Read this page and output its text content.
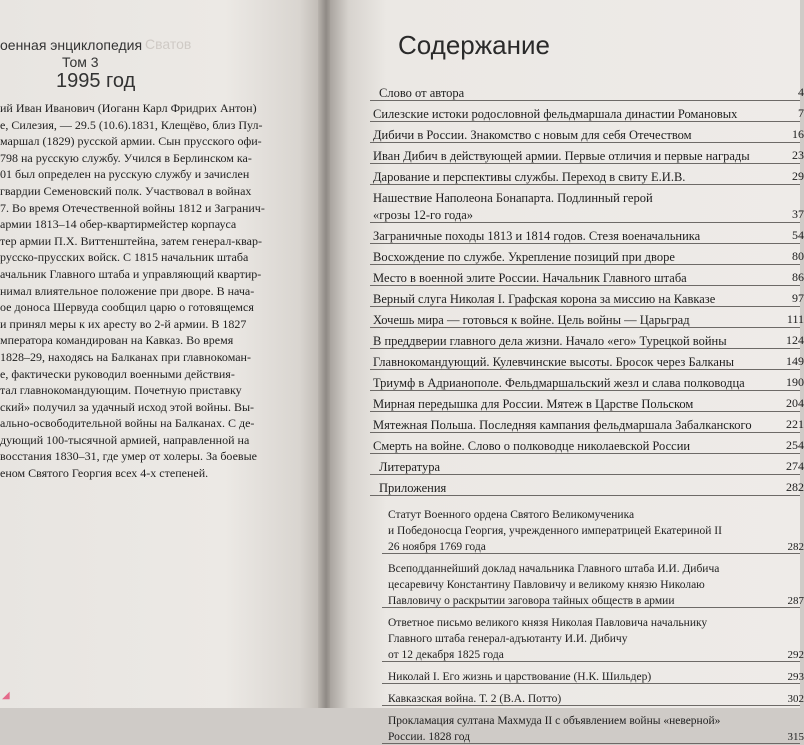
Сватов
оенная энциклопедия
Том 3
1995 год
ий Иван Иванович (Иоганн Карл Фридрих Антон)
е, Силезия, — 29.5 (10.6).1831, Клещёво, близ Пул-
маршал (1829) русской армии. Сын прусского офи-
798 на русскую службу. Учился в Берлинском ка-
01 был определен на русскую службу и зачислен
гвардии Семеновский полк. Участвовал в войнах
7. Во время Отечественной войны 1812 и Загранич-
армии 1813–14 обер-квартирмейстер корпауса
тер армии П.Х. Виттенштейна, затем генерал-квар-
русско-прусских войск. С 1815 начальник штаба
ачальник Главного штаба и управляющий квартир-
нимал влиятельное положение при дворе. В нача-
ое доноса Шервуда сообщил царю о готовящемся
и принял меры к их аресту во 2-й армии. В 1827
мператора командирован на Кавказ. Во время
1828–29, находясь на Балканах при главнокоман-
е, фактически руководил военными действия-
тал главнокомандующим. Почетную приставку
ский» получил за удачный исход этой войны. Вы-
ально-освободительной войны на Балканах. С де-
дующий 100-тысячной армией, направленной на
восстания 1830–31, где умер от холеры. За боевые
еном Святого Георгия всех 4-х степеней.
Содержание
Слово от автора	4
Силезские истоки родословной фельдмаршала династии Романовых	7
Дибичи в России. Знакомство с новым для себя Отечеством	16
Иван Дибич в действующей армии. Первые отличия и первые награды	23
Дарование и перспективы службы. Переход в свиту Е.И.В.	29
Нашествие Наполеона Бонапарта. Подлинный герой
«грозы 12-го года»	37
Заграничные походы 1813 и 1814 годов. Стезя военачальника	54
Восхождение по службе. Укрепление позиций при дворе	80
Место в военной элите России. Начальник Главного штаба	86
Верный слуга Николая I. Графская корона за миссию на Кавказе	97
Хочешь мира — готовься к войне. Цель войны — Царьград	111
В преддверии главного дела жизни. Начало «его» Турецкой войны	124
Главнокомандующий. Кулевчинские высоты. Бросок через Балканы	149
Триумф в Адрианополе. Фельдмаршальский жезл и слава полководца	190
Мирная передышка для России. Мятеж в Царстве Польском	204
Мятежная Польша. Последняя кампания фельдмаршала Забалканского	221
Смерть на войне. Слово о полководце николаевской России	254
Литература	274
Приложения	282
Статут Военного ордена Святого Великомученика
и Победоносца Георгия, учрежденного императрицей Екатериной II
26 ноября 1769 года	282
Всеподданнейший доклад начальника Главного штаба И.И. Дибича
цесаревичу Константину Павловичу и великому князю Николаю
Павловичу о раскрытии заговора тайных обществ в армии	287
Ответное письмо великого князя Николая Павловича начальнику
Главного штаба генерал-адъютанту И.И. Дибичу
от 12 декабря 1825 года	292
Николай I. Его жизнь и царствование (Н.К. Шильдер)	293
Кавказская война. Т. 2 (В.А. Потто)	302
Прокламация султана Махмуда II с объявлением войны «неверной»
России. 1828 год	315
◢
